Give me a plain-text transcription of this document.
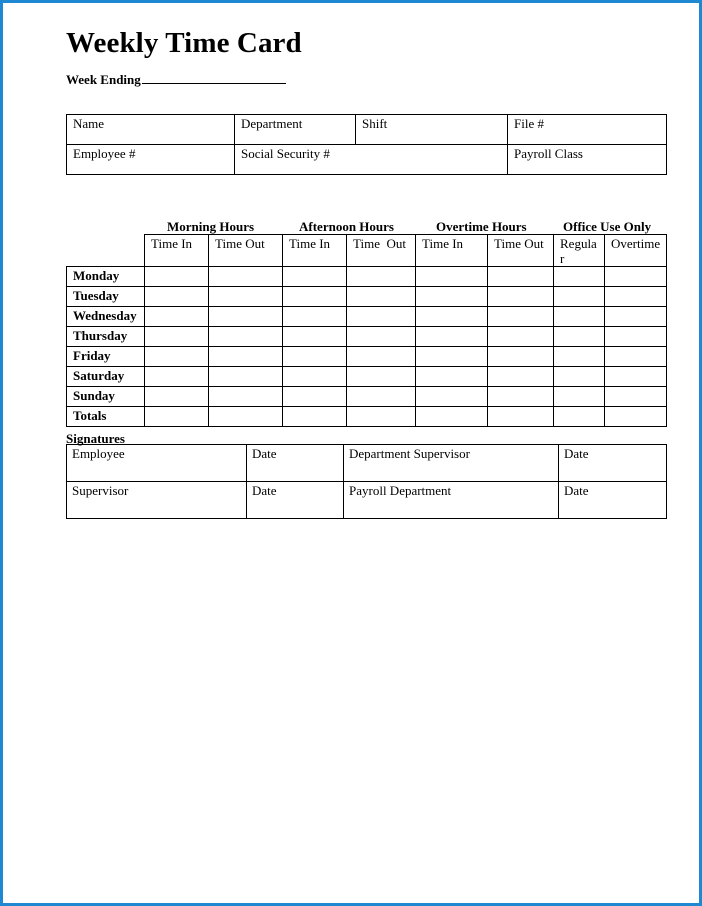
Weekly Time Card
Week Ending
Name	Department	Shift	File #
Employee #	Social Security #		Payroll Class
Morning Hours	Afternoon Hours	Overtime Hours	Office Use Only
	Time In	Time Out	Time In	Time  Out	Time In	Time Out	Regula r	Overtime
Monday								
Tuesday								
Wednesday								
Thursday								
Friday								
Saturday								
Sunday								
Totals								
Signatures
Employee	Date	Department Supervisor	Date
Supervisor	Date	Payroll Department	Date
